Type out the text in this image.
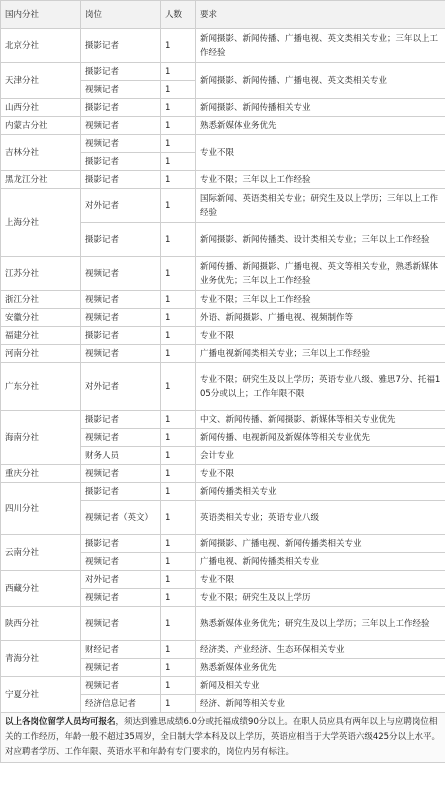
国内分社	岗位	人数	要求
北京分社	摄影记者	1	新闻摄影、新闻传播、广播电视、英文类相关专业；三年以上工作经验
天津分社	摄影记者	1	新闻摄影、新闻传播、广播电视、英文类相关专业
	视频记者	1	
山西分社	摄影记者	1	新闻摄影、新闻传播相关专业
内蒙古分社	视频记者	1	熟悉新媒体业务优先
吉林分社	视频记者	1	专业不限
	摄影记者	1	
黑龙江分社	摄影记者	1	专业不限；三年以上工作经验
上海分社	对外记者	1	国际新闻、英语类相关专业；研究生及以上学历；三年以上工作经验
	摄影记者	1	新闻摄影、新闻传播类、设计类相关专业；三年以上工作经验
江苏分社	视频记者	1	新闻传播、新闻摄影、广播电视、英文等相关专业，熟悉新媒体业务优先；三年以上工作经验
浙江分社	视频记者	1	专业不限；三年以上工作经验
安徽分社	视频记者	1	外语、新闻摄影、广播电视、视频制作等
福建分社	摄影记者	1	专业不限
河南分社	视频记者	1	广播电视新闻类相关专业；三年以上工作经验
广东分社	对外记者	1	专业不限；研究生及以上学历；英语专业八级、雅思7分、托福105分或以上；工作年限不限
海南分社	摄影记者	1	中文、新闻传播、新闻摄影、新媒体等相关专业优先
	视频记者	1	新闻传播、电视新闻及新媒体等相关专业优先
	财务人员	1	会计专业
重庆分社	视频记者	1	专业不限
四川分社	摄影记者	1	新闻传播类相关专业
	视频记者（英文）	1	英语类相关专业；英语专业八级
云南分社	摄影记者	1	新闻摄影、广播电视、新闻传播类相关专业
	视频记者	1	广播电视、新闻传播类相关专业
西藏分社	对外记者	1	专业不限
	视频记者	1	专业不限；研究生及以上学历
陕西分社	视频记者	1	熟悉新媒体业务优先；研究生及以上学历；三年以上工作经验
青海分社	财经记者	1	经济类、产业经济、生态环保相关专业
	视频记者	1	熟悉新媒体业务优先
宁夏分社	视频记者	1	新闻及相关专业
	经济信息记者	1	经济、新闻等相关专业
以上各岗位留学人员均可报名，须达到雅思成绩6.0分或托福成绩90分以上。在职人员应具有两年以上与应聘岗位相关的工作经历，年龄一般不超过35周岁，全日制大学本科及以上学历，英语应相当于大学英语六级425分以上水平。对应聘者学历、工作年限、英语水平和年龄有专门要求的，岗位内另有标注。			
